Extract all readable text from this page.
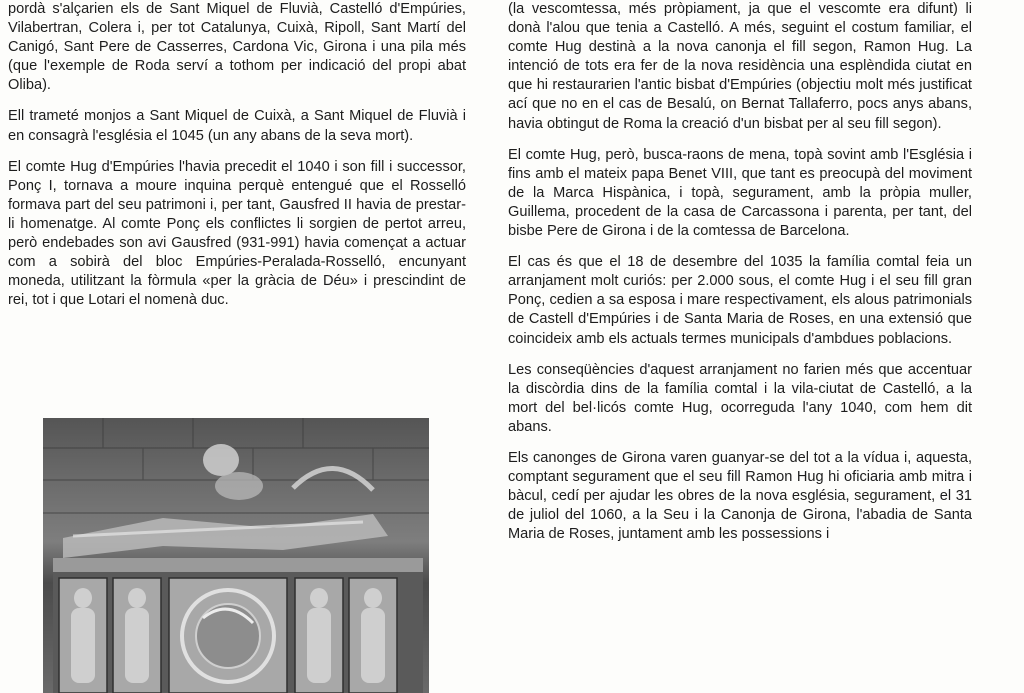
pordà s'alçarien els de Sant Miquel de Fluvià, Castelló d'Empúries, Vilabertran, Colera i, per tot Catalunya, Cuixà, Ripoll, Sant Martí del Canigó, Sant Pere de Casserres, Cardona Vic, Girona i una pila més (que l'exemple de Roda serví a tothom per indicació del propi abat Oliba).

Ell trameté monjos a Sant Miquel de Cuixà, a Sant Miquel de Fluvià i en consagrà l'església el 1045 (un any abans de la seva mort).

El comte Hug d'Empúries l'havia precedit el 1040 i son fill i successor, Ponç I, tornava a moure inquina perquè entengué que el Rosselló formava part del seu patrimoni i, per tant, Gausfred II havia de prestar-li homenatge. Al comte Ponç els conflictes li sorgien de pertot arreu, però endebades son avi Gausfred (931-991) havia començat a actuar com a sobirà del bloc Empúries-Peralada-Rosselló, encunyant moneda, utilitzant la fòrmula «per la gràcia de Déu» i prescindint de rei, tot i que Lotari el nomenà duc.

(la vescomtessa, més pròpiament, ja que el vescomte era difunt) li donà l'alou que tenia a Castelló. A més, seguint el costum familiar, el comte Hug destinà a la nova canonja el fill segon, Ramon Hug. La intenció de tots era fer de la nova residència una esplèndida ciutat en que hi restaurarien l'antic bisbat d'Empúries (objectiu molt més justificat ací que no en el cas de Besalú, on Bernat Tallaferro, pocs anys abans, havia obtingut de Roma la creació d'un bisbat per al seu fill segon).

El comte Hug, però, busca-raons de mena, topà sovint amb l'Església i fins amb el mateix papa Benet VIII, que tant es preocupà del moviment de la Marca Hispànica, i topà, segurament, amb la pròpia muller, Guillema, procedent de la casa de Carcassona i parenta, per tant, del bisbe Pere de Girona i de la comtessa de Barcelona.

El cas és que el 18 de desembre del 1035 la família comtal feia un arranjament molt curiós: per 2.000 sous, el comte Hug i el seu fill gran Ponç, cedien a sa esposa i mare respectivament, els alous patrimonials de Castell d'Empúries i de Santa Maria de Roses, en una extensió que coincideix amb els actuals termes municipals d'ambdues poblacions.

Les conseqüències d'aquest arranjament no farien més que accentuar la discòrdia dins de la família comtal i la vila-ciutat de Castelló, a la mort del bel·licós comte Hug, ocorreguda l'any 1040, com hem dit abans.

Els canonges de Girona varen guanyar-se del tot a la vídua i, aquesta, comptant segurament que el seu fill Ramon Hug hi oficiaria amb mitra i bàcul, cedí per ajudar les obres de la nova església, segurament, el 31 de juliol del 1060, a la Seu i la Canonja de Girona, l'abadia de Santa Maria de Roses, juntament amb les possessions i
